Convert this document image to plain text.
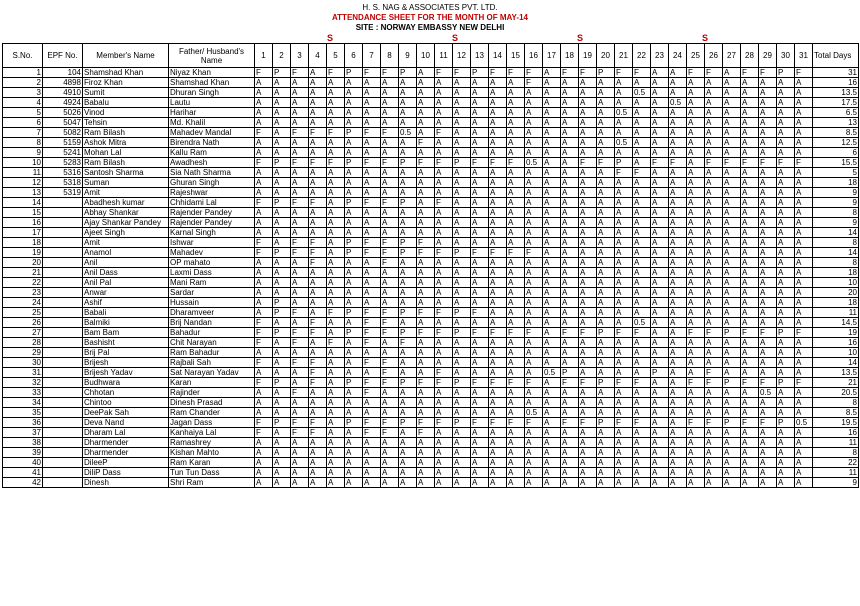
H. S. NAG & ASSOCIATES PVT. LTD.
ATTENDANCE SHEET FOR THE MONTH OF MAY-14
SITE : NORWAY EMBASSY NEW DELHI
S	S	S	S
S.No.	EPF No.	Member's Name	Father/ Husband's Name	1	2	3	4	5	6	7	8	9	10	11	12	13	14	15	16	17	18	19	20	21	22	23	24	25	26	27	28	29	30	31	Total Days
1	104	Shamshad Khan	Niyaz Khan	F	P	F	A	F	P	F	F	P	A	F	F	P	F	F	F	A	F	F	P	F	F	A	A	F	F	A	F	F	P	F	31
2	4898	Firoz Khan	Shamshad Khan	A	A	A	A	A	A	A	A	A	A	A	A	A	A	A	F	A	A	A	A	A	A	A	A	A	A	A	A	A	A	A	16
3	4910	Sumit	Dhuran Singh	A	A	A	A	A	A	A	A	A	A	A	A	A	A	A	A	A	A	A	A	A	0.5	A	A	A	A	A	A	A	A	A	13.5
4	4924	Babalu	Lautu	A	A	A	A	A	A	A	A	A	A	A	A	A	A	A	A	A	A	A	A	A	A	A	0.5	A	A	A	A	A	A	A	17.5
5	5026	Vinod	Harihar	A	A	A	A	A	A	A	A	A	A	A	A	A	A	A	A	A	A	A	A	0.5	A	A	A	A	A	A	A	A	A	A	6.5
6	5047	Tehsin	Md. Khalil	A	A	A	A	A	A	A	A	A	A	A	A	A	A	A	A	A	A	A	A	A	A	A	A	A	A	A	A	A	A	A	13
7	5082	Ram Bilash	Mahadev Mandal	F	A	F	F	F	P	F	F	0.5	A	F	A	A	A	A	A	A	A	A	A	A	A	A	A	A	A	A	A	A	A	A	8.5
8	5159	Ashok Mitra	Birendra Nath	A	A	A	A	A	A	A	A	A	F	A	A	A	A	A	A	A	A	A	A	0.5	A	A	A	A	A	A	A	A	A	A	12.5
9	5241	Mohan Lal	Kallu Ram	A	A	A	A	A	A	A	A	A	A	A	A	A	A	A	A	A	A	A	A	A	A	A	A	A	A	A	A	A	A	A	6
10	5283	Ram Bilash	Awadhesh	F	P	F	F	F	P	F	F	P	F	F	P	F	F	F	0.5	A	A	F	F	P	A	F	F	A	F	F	F	F	F	F	15.5
11	5316	Santosh Sharma	Sia Nath Sharma	A	A	A	A	A	A	A	A	A	A	A	A	A	A	A	A	A	A	A	A	F	F	A	A	A	A	A	A	A	A	A	5
12	5318	Suman	Ghuran Singh	A	A	A	A	A	A	A	A	A	A	A	A	A	A	A	A	A	A	A	A	A	A	A	A	A	A	A	A	A	A	A	18
13	5319	Amit	Rajeshwar	A	A	A	A	A	A	A	A	A	A	A	A	A	A	A	A	A	A	A	A	A	A	A	A	A	A	A	A	A	A	A	9
14		Abadhesh kumar	Chhidami Lal	F	P	F	F	A	P	F	F	P	A	F	A	A	A	A	A	A	A	A	A	A	A	A	A	A	A	A	A	A	A	A	9
15		Abhay Shankar	Rajender Pandey	A	A	A	A	A	A	A	A	A	A	A	A	A	A	A	A	A	A	A	A	A	A	A	A	A	A	A	A	A	A	A	8
16		Ajay Shankar Pandey	Rajender Pandey	A	A	A	A	A	A	A	A	A	A	A	A	A	A	A	A	A	A	A	A	A	A	A	A	A	A	A	A	A	A	A	9
17		Ajeet Singh	Karnal Singh	A	A	A	A	A	A	A	A	A	A	A	A	A	A	A	A	A	A	A	A	A	A	A	A	A	A	A	A	A	A	A	14
18		Amit	Ishwar	F	A	F	F	A	P	F	F	P	F	A	A	A	A	A	A	A	A	A	A	A	A	A	A	A	A	A	A	A	A	A	8
19		Anamol	Mahadev	F	P	F	F	A	P	F	F	P	F	F	P	F	F	F	F	A	A	A	A	A	A	A	A	A	A	A	A	A	A	A	14
20		Anil	OP mahato	A	A	A	F	A	A	A	F	A	A	A	A	A	A	A	A	A	A	A	A	A	A	A	A	A	A	A	A	A	A	A	8
21		Anil Dass	Laxmi Dass	A	A	A	A	A	A	A	A	A	A	A	A	A	A	A	A	A	A	A	A	A	A	A	A	A	A	A	A	A	A	A	18
22		Anil Pal	Mani Ram	A	A	A	A	A	A	A	A	A	A	A	A	A	A	A	A	A	A	A	A	A	A	A	A	A	A	A	A	A	A	A	10
23		Anwar	Sardar	A	A	A	A	A	A	A	A	A	A	A	A	A	A	A	A	A	A	A	A	A	A	A	A	A	A	A	A	A	A	A	20
24		Ashif	Hussain	A	P	A	A	A	A	A	A	A	A	A	A	A	A	A	A	A	A	A	A	A	A	A	A	A	A	A	A	A	A	A	18
25		Babali	Dharamveer	A	P	F	A	F	P	F	F	P	F	F	P	F	A	A	A	A	A	A	A	A	A	A	A	A	A	A	A	A	A	A	11
26		Balmiki	Brij Nandan	F	A	A	F	A	A	F	F	A	A	A	A	A	A	A	A	A	A	A	A	A	0.5	A	A	A	A	A	A	A	A	A	14.5
27		Bam Bam	Bahadur	F	P	F	F	A	P	F	F	P	F	F	P	F	F	F	F	A	F	F	P	F	F	A	A	F	F	P	F	F	P	F	19
28		Bashisht	Chit Narayan	F	A	F	A	F	A	F	A	F	A	A	A	A	A	A	A	A	A	A	A	A	A	A	A	A	A	A	A	A	A	A	16
29		Brij Pal	Ram Bahadur	A	A	A	A	A	A	A	A	A	A	A	A	A	A	A	A	A	A	A	A	A	A	A	A	A	A	A	A	A	A	A	10
30		Brijesh	Rajbali Sah	F	A	F	F	A	A	F	F	A	A	A	A	A	A	A	A	A	A	A	A	A	A	A	A	A	A	A	A	A	A	A	14
31		Brijesh Yadav	Sat Narayan Yadav	A	A	A	F	A	A	A	F	A	A	F	A	A	A	A	A	0.5	P	A	A	A	A	P	A	A	F	A	A	A	A	A	13.5
32		Budhwara	Karan	F	P	A	F	A	P	F	F	P	F	F	P	F	F	F	F	A	F	F	P	F	F	A	A	F	F	P	F	F	P	F	21
33		Chhotan	Rajinder	A	A	F	A	A	A	F	A	A	A	A	A	A	A	A	A	A	A	A	A	A	A	A	A	A	A	A	A	0.5	A	A	20.5
34		Chintoo	Dinesh Prasad	A	A	A	A	A	A	A	A	A	A	A	A	A	A	A	A	A	A	A	A	A	A	A	A	A	A	A	A	A	A	A	8
35		DeePak Sah	Ram Chander	A	A	A	A	A	A	A	A	A	A	A	A	A	A	A	0.5	A	A	A	A	A	A	A	A	A	A	A	A	A	A	A	8.5
36		Deva Nand	Jagan Dass	F	P	F	F	A	P	F	F	P	F	F	P	F	F	F	F	A	F	F	P	F	F	A	A	F	F	P	F	F	P	0.5	19.5
37		Dharam Lal	Kanhaiya Lal	F	A	F	F	A	A	F	F	A	F	A	A	A	A	A	A	A	A	A	A	A	A	A	A	A	A	A	A	A	A	A	16
38		Dharmender	Ramashrey	A	A	A	A	A	A	A	A	A	A	A	A	A	A	A	A	A	A	A	A	A	A	A	A	A	A	A	A	A	A	A	11
39		Dharmender	Kishan Mahto	A	A	A	A	A	A	A	A	A	A	A	A	A	A	A	A	A	A	A	A	A	A	A	A	A	A	A	A	A	A	A	8
40		DileeP	Ram Karan	A	A	A	A	A	A	A	A	A	A	A	A	A	A	A	A	A	A	A	A	A	A	A	A	A	A	A	A	A	A	A	22
41		DiliP Dass	Tun Tun Dass	A	A	A	A	A	A	A	A	A	A	A	A	A	A	A	A	A	A	A	A	A	A	A	A	A	A	A	A	A	A	A	11
42		Dinesh	Shri Ram	A	A	A	A	A	A	A	A	A	A	A	A	A	A	A	A	A	A	A	A	A	A	A	A	A	A	A	A	A	A	A	9
